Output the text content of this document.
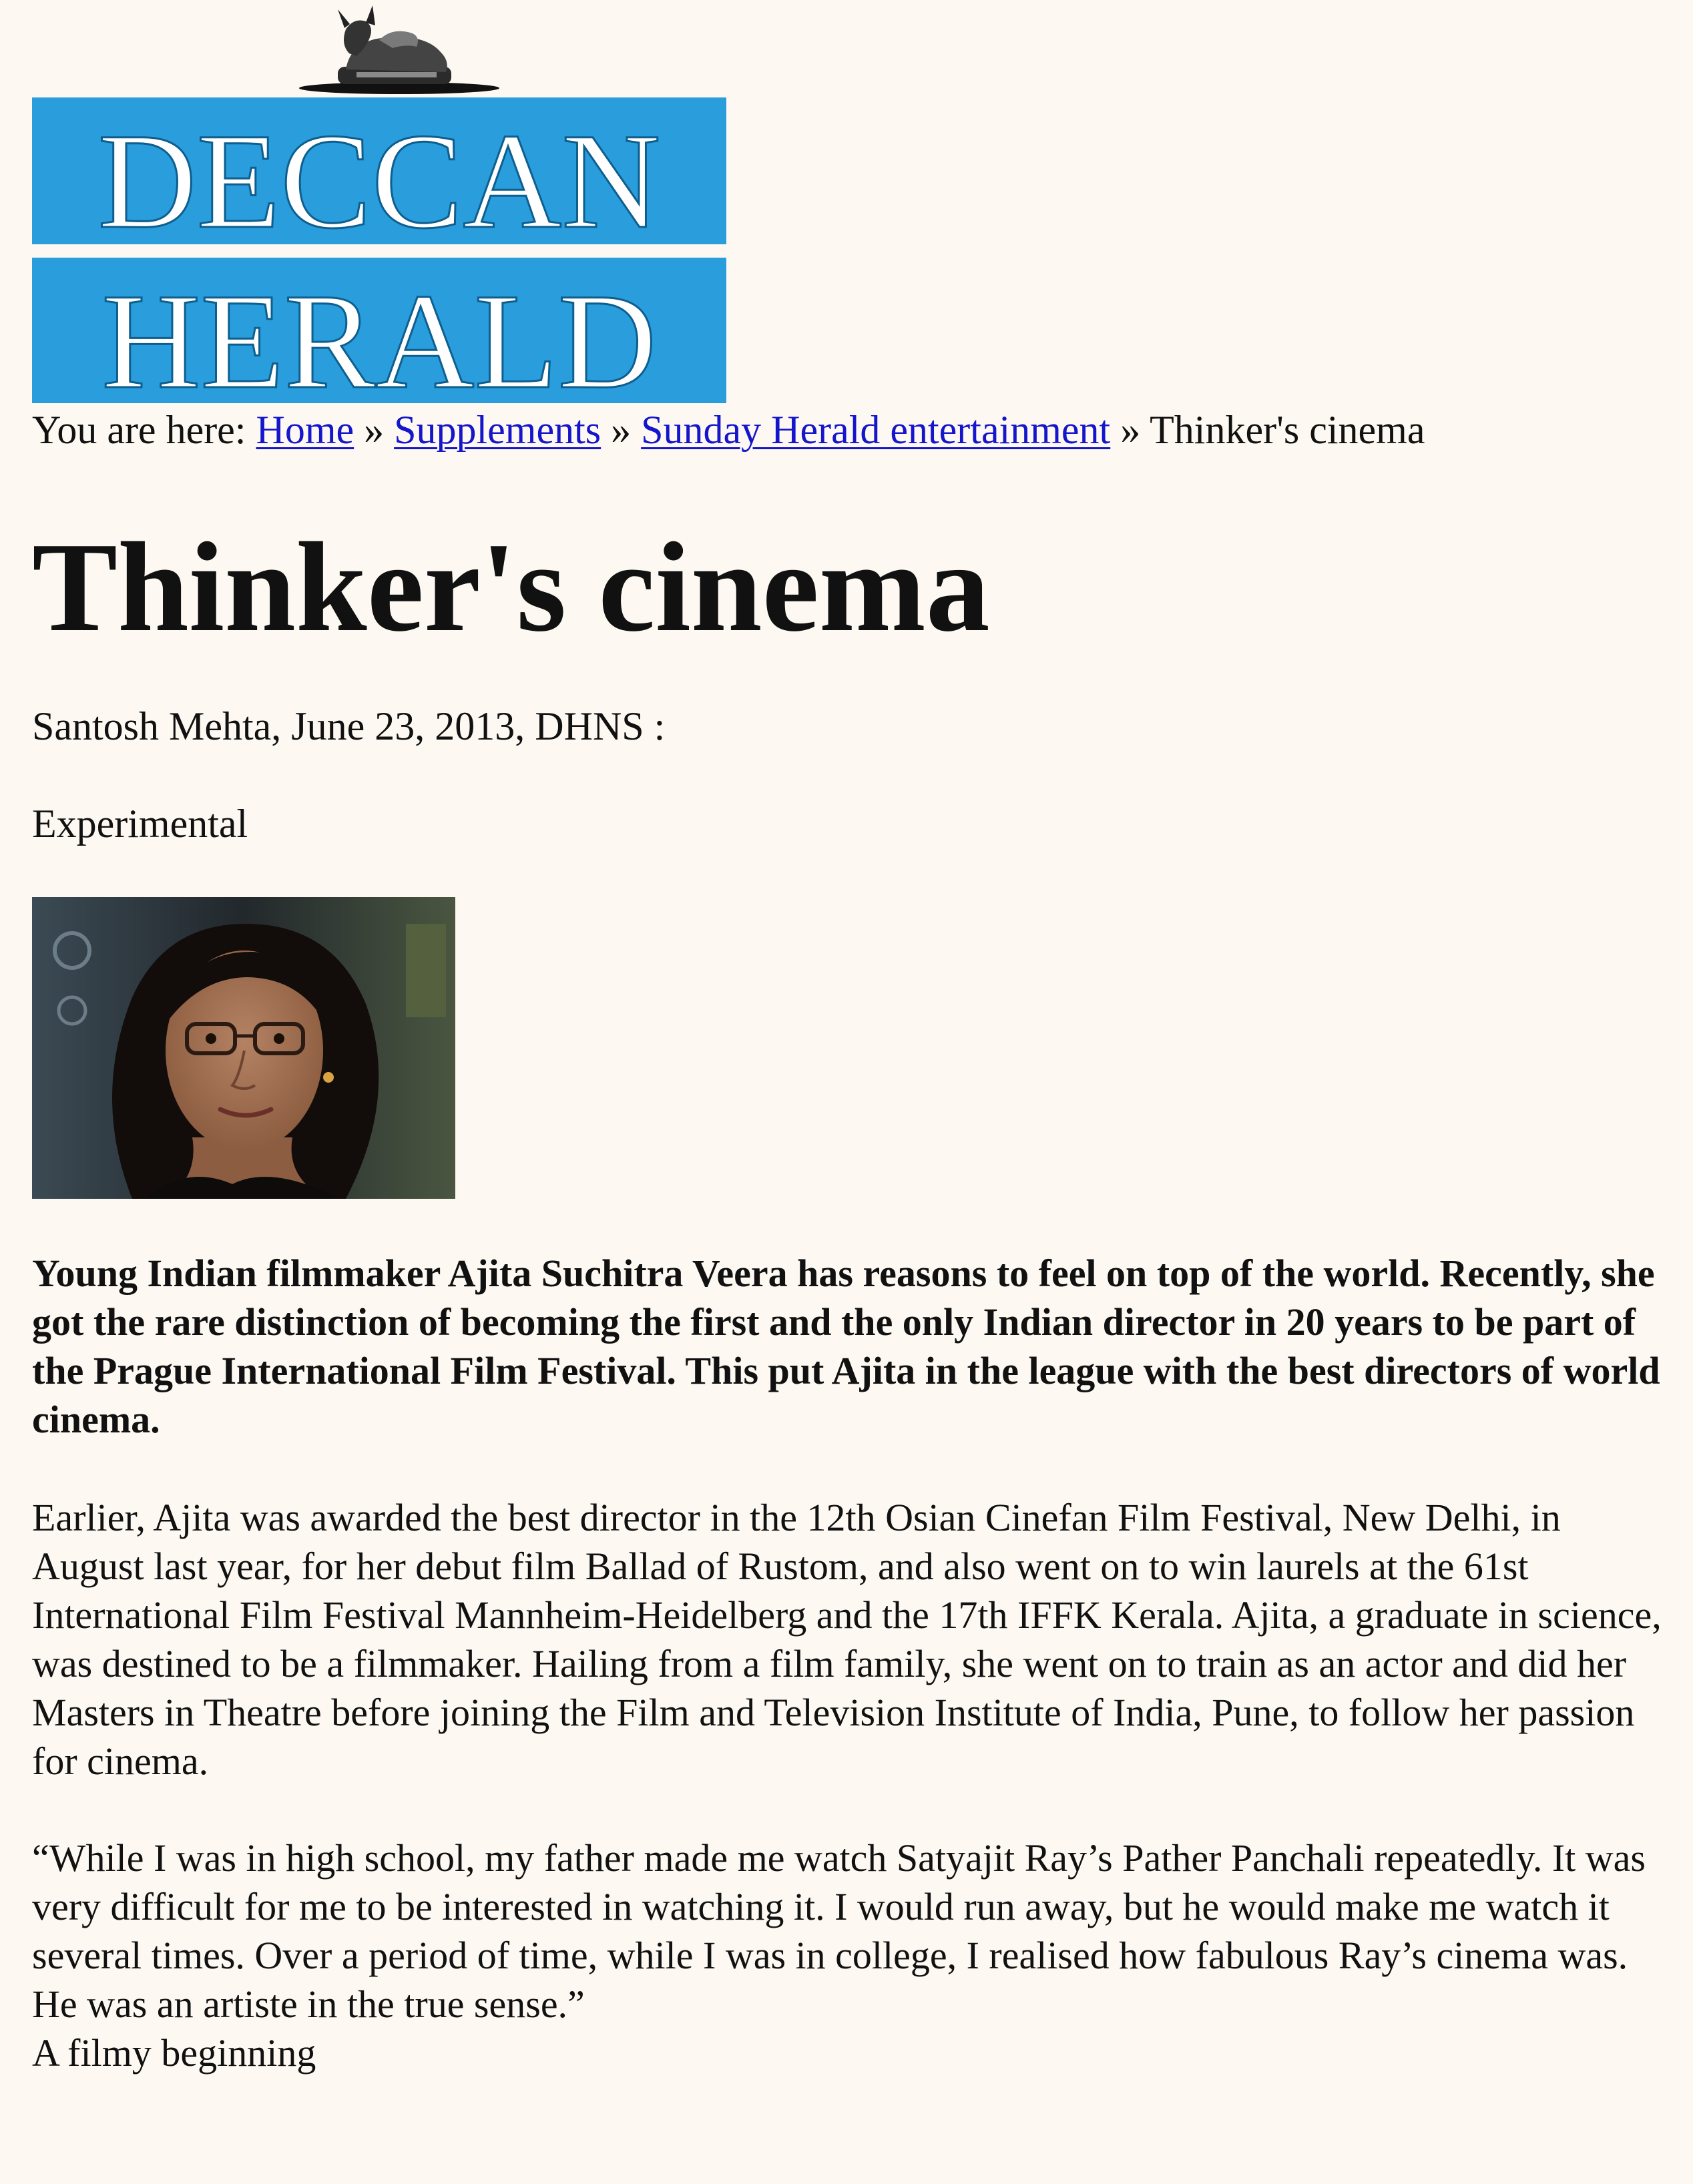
DECCAN
HERALD
You are here: Home » Supplements » Sunday Herald entertainment » Thinker's cinema
Thinker's cinema
Santosh Mehta, June 23, 2013, DHNS :
Experimental

Young Indian filmmaker Ajita Suchitra Veera has reasons to feel on top of the world. Recently, she got the rare distinction of becoming the first and the only Indian director in 20 years to be part of the Prague International Film Festival. This put Ajita in the league with the best directors of world cinema.

Earlier, Ajita was awarded the best director in the 12th Osian Cinefan Film Festival, New Delhi, in August last year, for her debut film Ballad of Rustom, and also went on to win laurels at the 61st International Film Festival Mannheim-Heidelberg and the 17th IFFK Kerala. Ajita, a graduate in science, was destined to be a filmmaker. Hailing from a film family, she went on to train as an actor and did her Masters in Theatre before joining the Film and Television Institute of India, Pune, to follow her passion for cinema.

“While I was in high school, my father made me watch Satyajit Ray’s Pather Panchali repeatedly. It was very difficult for me to be interested in watching it. I would run away, but he would make me watch it several times. Over a period of time, while I was in college, I realised how fabulous Ray’s cinema was. He was an artiste in the true sense.”

A filmy beginning
